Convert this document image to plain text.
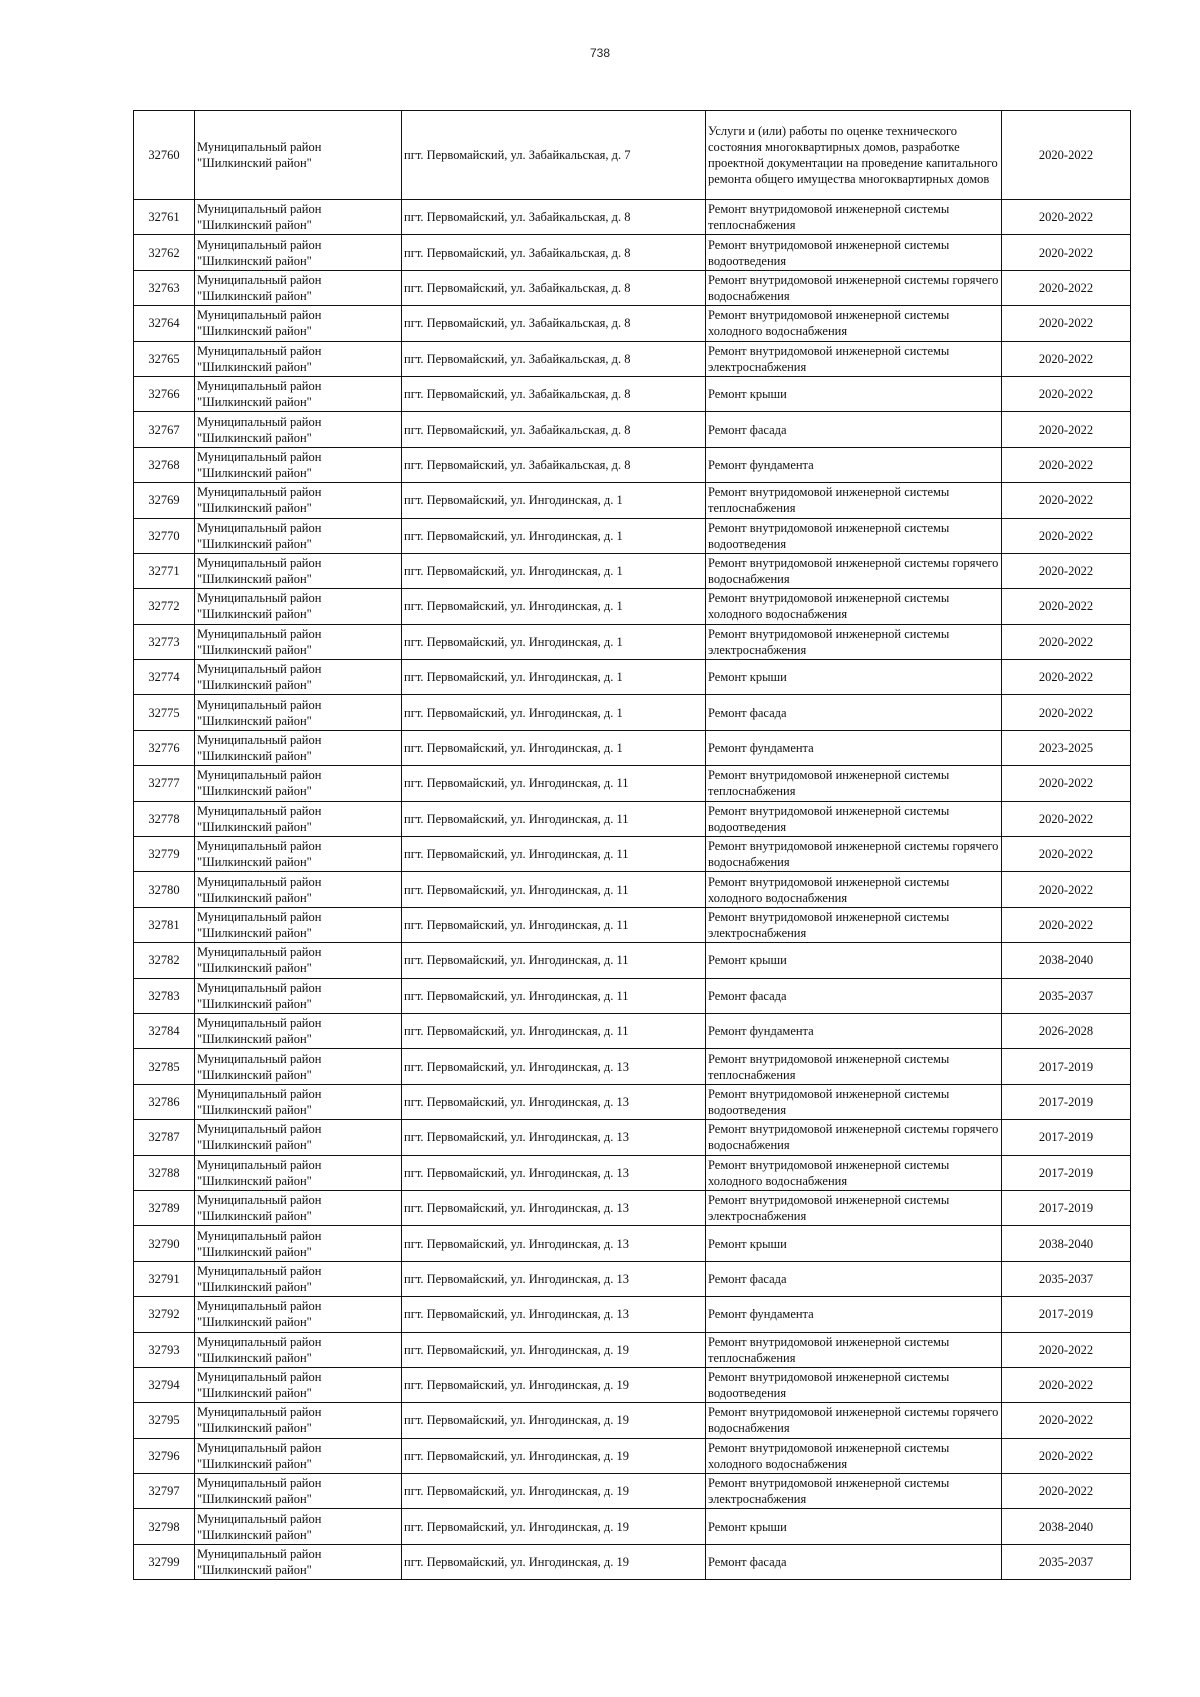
738
32760	Муниципальный район "Шилкинский район"	пгт. Первомайский, ул. Забайкальская, д. 7	Услуги и (или) работы по оценке технического состояния многоквартирных домов, разработке проектной документации на проведение капитального ремонта общего имущества многоквартирных домов	2020-2022
32761	Муниципальный район "Шилкинский район"	пгт. Первомайский, ул. Забайкальская, д. 8	Ремонт внутридомовой инженерной системы теплоснабжения	2020-2022
32762	Муниципальный район "Шилкинский район"	пгт. Первомайский, ул. Забайкальская, д. 8	Ремонт внутридомовой инженерной системы водоотведения	2020-2022
32763	Муниципальный район "Шилкинский район"	пгт. Первомайский, ул. Забайкальская, д. 8	Ремонт внутридомовой инженерной системы горячего водоснабжения	2020-2022
32764	Муниципальный район "Шилкинский район"	пгт. Первомайский, ул. Забайкальская, д. 8	Ремонт внутридомовой инженерной системы холодного водоснабжения	2020-2022
32765	Муниципальный район "Шилкинский район"	пгт. Первомайский, ул. Забайкальская, д. 8	Ремонт внутридомовой инженерной системы электроснабжения	2020-2022
32766	Муниципальный район "Шилкинский район"	пгт. Первомайский, ул. Забайкальская, д. 8	Ремонт крыши	2020-2022
32767	Муниципальный район "Шилкинский район"	пгт. Первомайский, ул. Забайкальская, д. 8	Ремонт фасада	2020-2022
32768	Муниципальный район "Шилкинский район"	пгт. Первомайский, ул. Забайкальская, д. 8	Ремонт фундамента	2020-2022
32769	Муниципальный район "Шилкинский район"	пгт. Первомайский, ул. Ингодинская, д. 1	Ремонт внутридомовой инженерной системы теплоснабжения	2020-2022
32770	Муниципальный район "Шилкинский район"	пгт. Первомайский, ул. Ингодинская, д. 1	Ремонт внутридомовой инженерной системы водоотведения	2020-2022
32771	Муниципальный район "Шилкинский район"	пгт. Первомайский, ул. Ингодинская, д. 1	Ремонт внутридомовой инженерной системы горячего водоснабжения	2020-2022
32772	Муниципальный район "Шилкинский район"	пгт. Первомайский, ул. Ингодинская, д. 1	Ремонт внутридомовой инженерной системы холодного водоснабжения	2020-2022
32773	Муниципальный район "Шилкинский район"	пгт. Первомайский, ул. Ингодинская, д. 1	Ремонт внутридомовой инженерной системы электроснабжения	2020-2022
32774	Муниципальный район "Шилкинский район"	пгт. Первомайский, ул. Ингодинская, д. 1	Ремонт крыши	2020-2022
32775	Муниципальный район "Шилкинский район"	пгт. Первомайский, ул. Ингодинская, д. 1	Ремонт фасада	2020-2022
32776	Муниципальный район "Шилкинский район"	пгт. Первомайский, ул. Ингодинская, д. 1	Ремонт фундамента	2023-2025
32777	Муниципальный район "Шилкинский район"	пгт. Первомайский, ул. Ингодинская, д. 11	Ремонт внутридомовой инженерной системы теплоснабжения	2020-2022
32778	Муниципальный район "Шилкинский район"	пгт. Первомайский, ул. Ингодинская, д. 11	Ремонт внутридомовой инженерной системы водоотведения	2020-2022
32779	Муниципальный район "Шилкинский район"	пгт. Первомайский, ул. Ингодинская, д. 11	Ремонт внутридомовой инженерной системы горячего водоснабжения	2020-2022
32780	Муниципальный район "Шилкинский район"	пгт. Первомайский, ул. Ингодинская, д. 11	Ремонт внутридомовой инженерной системы холодного водоснабжения	2020-2022
32781	Муниципальный район "Шилкинский район"	пгт. Первомайский, ул. Ингодинская, д. 11	Ремонт внутридомовой инженерной системы электроснабжения	2020-2022
32782	Муниципальный район "Шилкинский район"	пгт. Первомайский, ул. Ингодинская, д. 11	Ремонт крыши	2038-2040
32783	Муниципальный район "Шилкинский район"	пгт. Первомайский, ул. Ингодинская, д. 11	Ремонт фасада	2035-2037
32784	Муниципальный район "Шилкинский район"	пгт. Первомайский, ул. Ингодинская, д. 11	Ремонт фундамента	2026-2028
32785	Муниципальный район "Шилкинский район"	пгт. Первомайский, ул. Ингодинская, д. 13	Ремонт внутридомовой инженерной системы теплоснабжения	2017-2019
32786	Муниципальный район "Шилкинский район"	пгт. Первомайский, ул. Ингодинская, д. 13	Ремонт внутридомовой инженерной системы водоотведения	2017-2019
32787	Муниципальный район "Шилкинский район"	пгт. Первомайский, ул. Ингодинская, д. 13	Ремонт внутридомовой инженерной системы горячего водоснабжения	2017-2019
32788	Муниципальный район "Шилкинский район"	пгт. Первомайский, ул. Ингодинская, д. 13	Ремонт внутридомовой инженерной системы холодного водоснабжения	2017-2019
32789	Муниципальный район "Шилкинский район"	пгт. Первомайский, ул. Ингодинская, д. 13	Ремонт внутридомовой инженерной системы электроснабжения	2017-2019
32790	Муниципальный район "Шилкинский район"	пгт. Первомайский, ул. Ингодинская, д. 13	Ремонт крыши	2038-2040
32791	Муниципальный район "Шилкинский район"	пгт. Первомайский, ул. Ингодинская, д. 13	Ремонт фасада	2035-2037
32792	Муниципальный район "Шилкинский район"	пгт. Первомайский, ул. Ингодинская, д. 13	Ремонт фундамента	2017-2019
32793	Муниципальный район "Шилкинский район"	пгт. Первомайский, ул. Ингодинская, д. 19	Ремонт внутридомовой инженерной системы теплоснабжения	2020-2022
32794	Муниципальный район "Шилкинский район"	пгт. Первомайский, ул. Ингодинская, д. 19	Ремонт внутридомовой инженерной системы водоотведения	2020-2022
32795	Муниципальный район "Шилкинский район"	пгт. Первомайский, ул. Ингодинская, д. 19	Ремонт внутридомовой инженерной системы горячего водоснабжения	2020-2022
32796	Муниципальный район "Шилкинский район"	пгт. Первомайский, ул. Ингодинская, д. 19	Ремонт внутридомовой инженерной системы холодного водоснабжения	2020-2022
32797	Муниципальный район "Шилкинский район"	пгт. Первомайский, ул. Ингодинская, д. 19	Ремонт внутридомовой инженерной системы электроснабжения	2020-2022
32798	Муниципальный район "Шилкинский район"	пгт. Первомайский, ул. Ингодинская, д. 19	Ремонт крыши	2038-2040
32799	Муниципальный район "Шилкинский район"	пгт. Первомайский, ул. Ингодинская, д. 19	Ремонт фасада	2035-2037
